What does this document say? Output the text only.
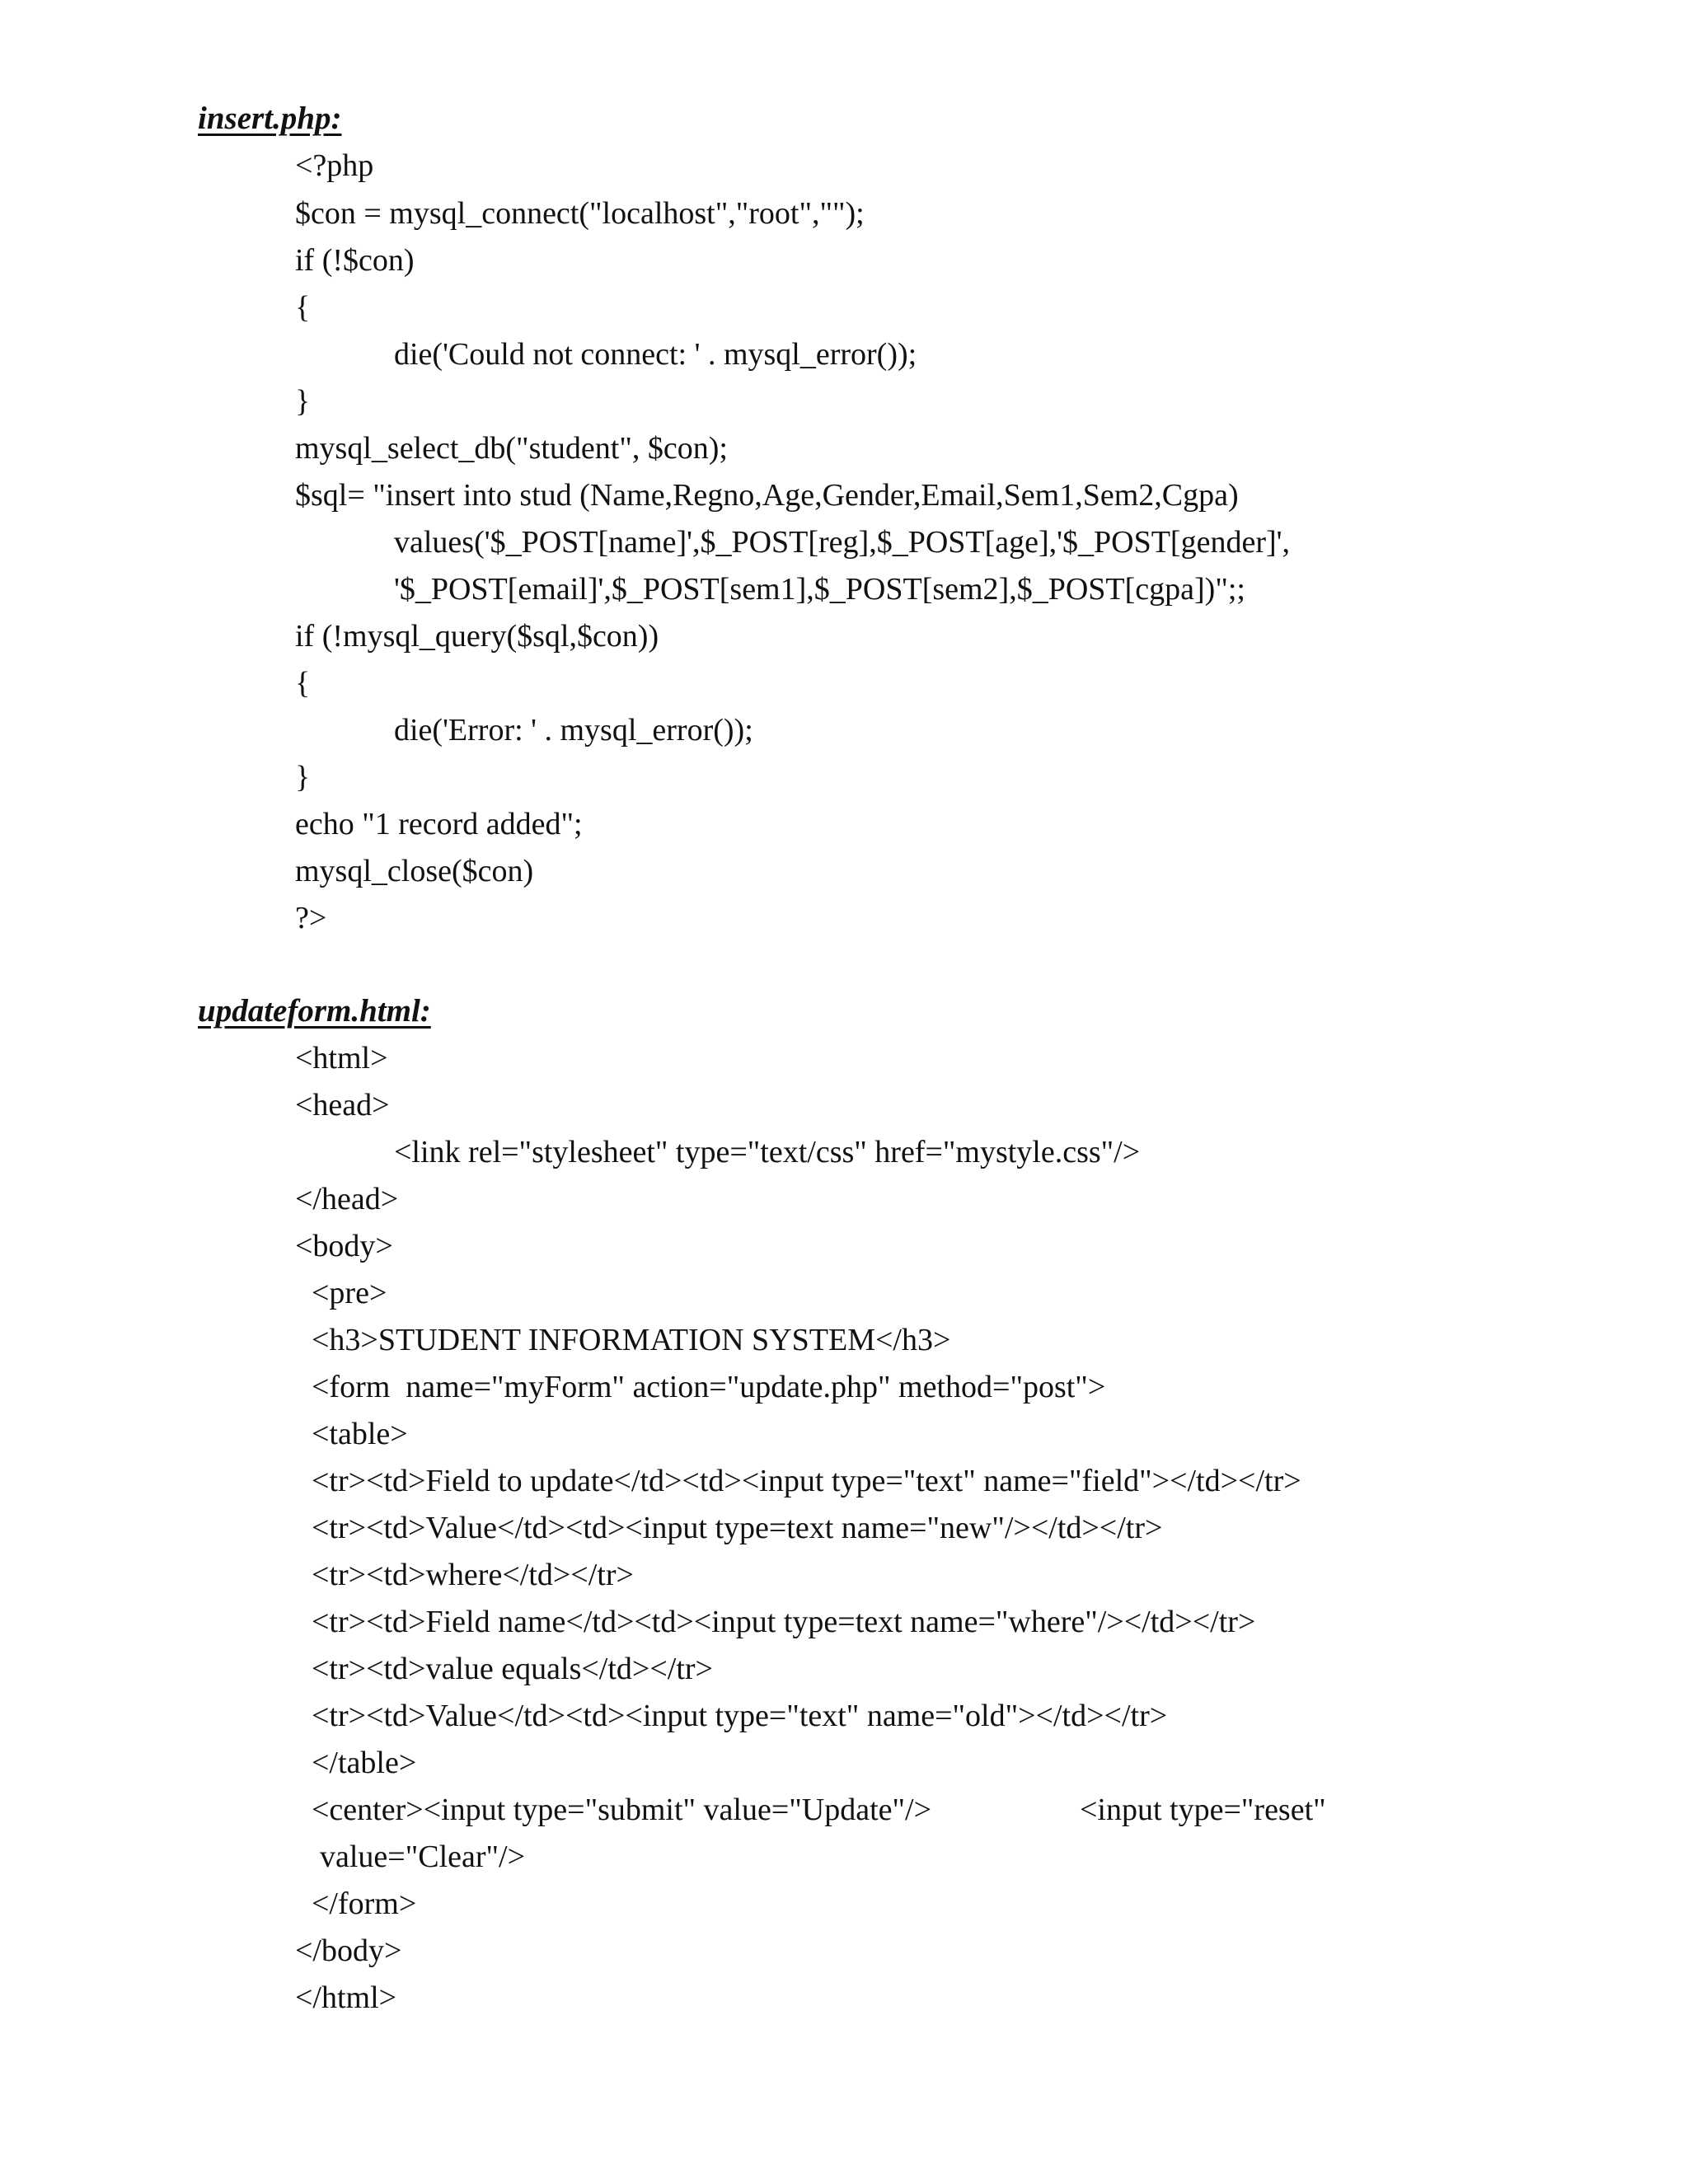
insert.php:
<?php
$con = mysql_connect("localhost","root","");
if (!$con)
{
die('Could not connect: ' . mysql_error());
}
mysql_select_db("student", $con);
$sql= "insert into stud (Name,Regno,Age,Gender,Email,Sem1,Sem2,Cgpa)
values('$_POST[name]',$_POST[reg],$_POST[age],'$_POST[gender]',
'$_POST[email]',$_POST[sem1],$_POST[sem2],$_POST[cgpa])";;
if (!mysql_query($sql,$con))
{
die('Error: ' . mysql_error());
}
echo "1 record added";
mysql_close($con)
?>
updateform.html:
<html>
<head>
<link rel="stylesheet" type="text/css" href="mystyle.css"/>
</head>
<body>
<pre>
<h3>STUDENT INFORMATION SYSTEM</h3>
<form  name="myForm" action="update.php" method="post">
<table>
<tr><td>Field to update</td><td><input type="text" name="field"></td></tr>
<tr><td>Value</td><td><input type=text name="new"/></td></tr>
<tr><td>where</td></tr>
<tr><td>Field name</td><td><input type=text name="where"/></td></tr>
<tr><td>value equals</td></tr>
<tr><td>Value</td><td><input type="text" name="old"></td></tr>
</table>
<center><input type="submit" value="Update"/>	<input type="reset"
value="Clear"/>
</form>
</body>
</html>
